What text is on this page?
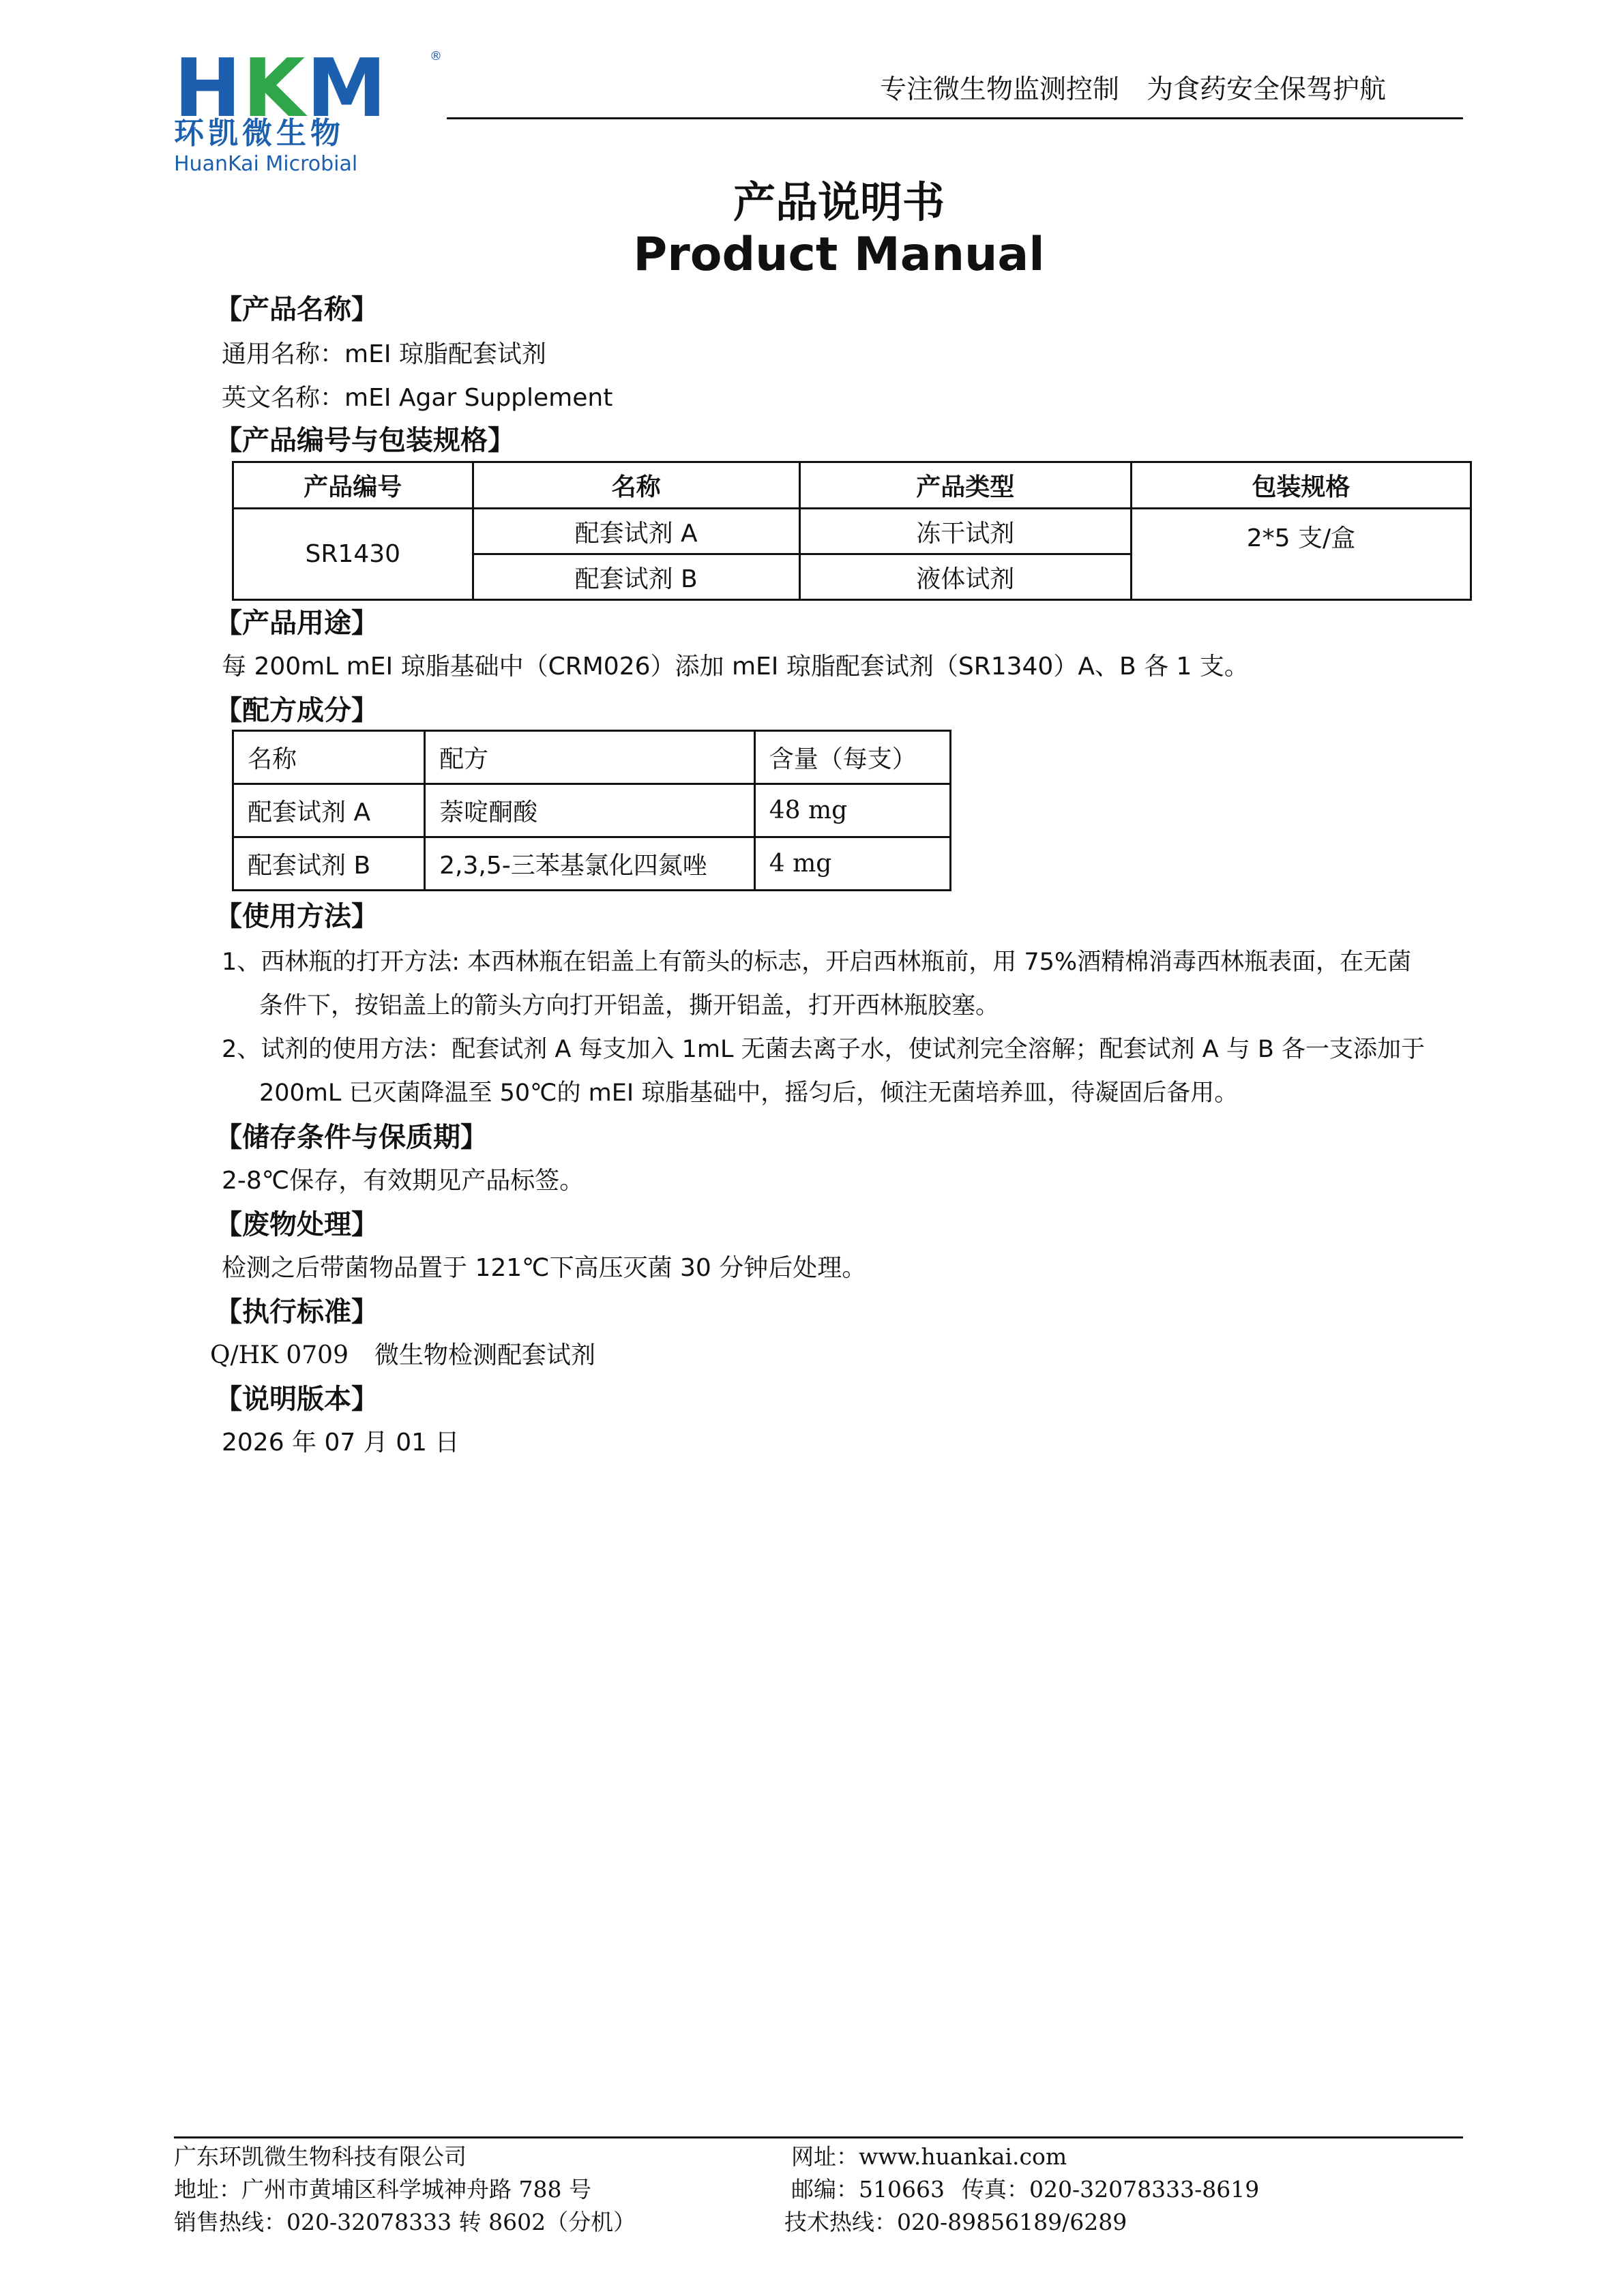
HKM	®
环凯微生物
HuanKai Microbial
专注微生物监测控制 为食药安全保驾护航
产品说明书
Product Manual
【产品名称】
通用名称：mEI 琼脂配套试剂
英文名称：mEI Agar Supplement
【产品编号与包装规格】
产品编号	名称	产品类型	包装规格
SR1430	配套试剂 A	冻干试剂	2*5 支/盒
	配套试剂 B	液体试剂	
【产品用途】
每 200mL mEI 琼脂基础中（CRM026）添加 mEI 琼脂配套试剂（SR1340）A、B 各 1 支。
【配方成分】
名称	配方	含量（每支）
配套试剂 A	萘啶酮酸	48 mg
配套试剂 B	2,3,5-三苯基氯化四氮唑	4 mg
【使用方法】
1、西林瓶的打开方法: 本西林瓶在铝盖上有箭头的标志，开启西林瓶前，用 75%酒精棉消毒西林瓶表面，在无菌
条件下，按铝盖上的箭头方向打开铝盖，撕开铝盖，打开西林瓶胶塞。
2、试剂的使用方法：配套试剂 A 每支加入 1mL 无菌去离子水，使试剂完全溶解；配套试剂 A 与 B 各一支添加于
200mL 已灭菌降温至 50℃的 mEI 琼脂基础中，摇匀后，倾注无菌培养皿，待凝固后备用。
【储存条件与保质期】
2-8℃保存，有效期见产品标签。
【废物处理】
检测之后带菌物品置于 121℃下高压灭菌 30 分钟后处理。
【执行标准】
Q/HK 0709 微生物检测配套试剂
【说明版本】
2026 年 07 月 01 日
广东环凯微生物科技有限公司
地址：广州市黄埔区科学城神舟路 788 号
销售热线：020-32078333 转 8602（分机）
网址：www.huankai.com
邮编：510663 传真：020-32078333-8619
技术热线：020-89856189/6289
